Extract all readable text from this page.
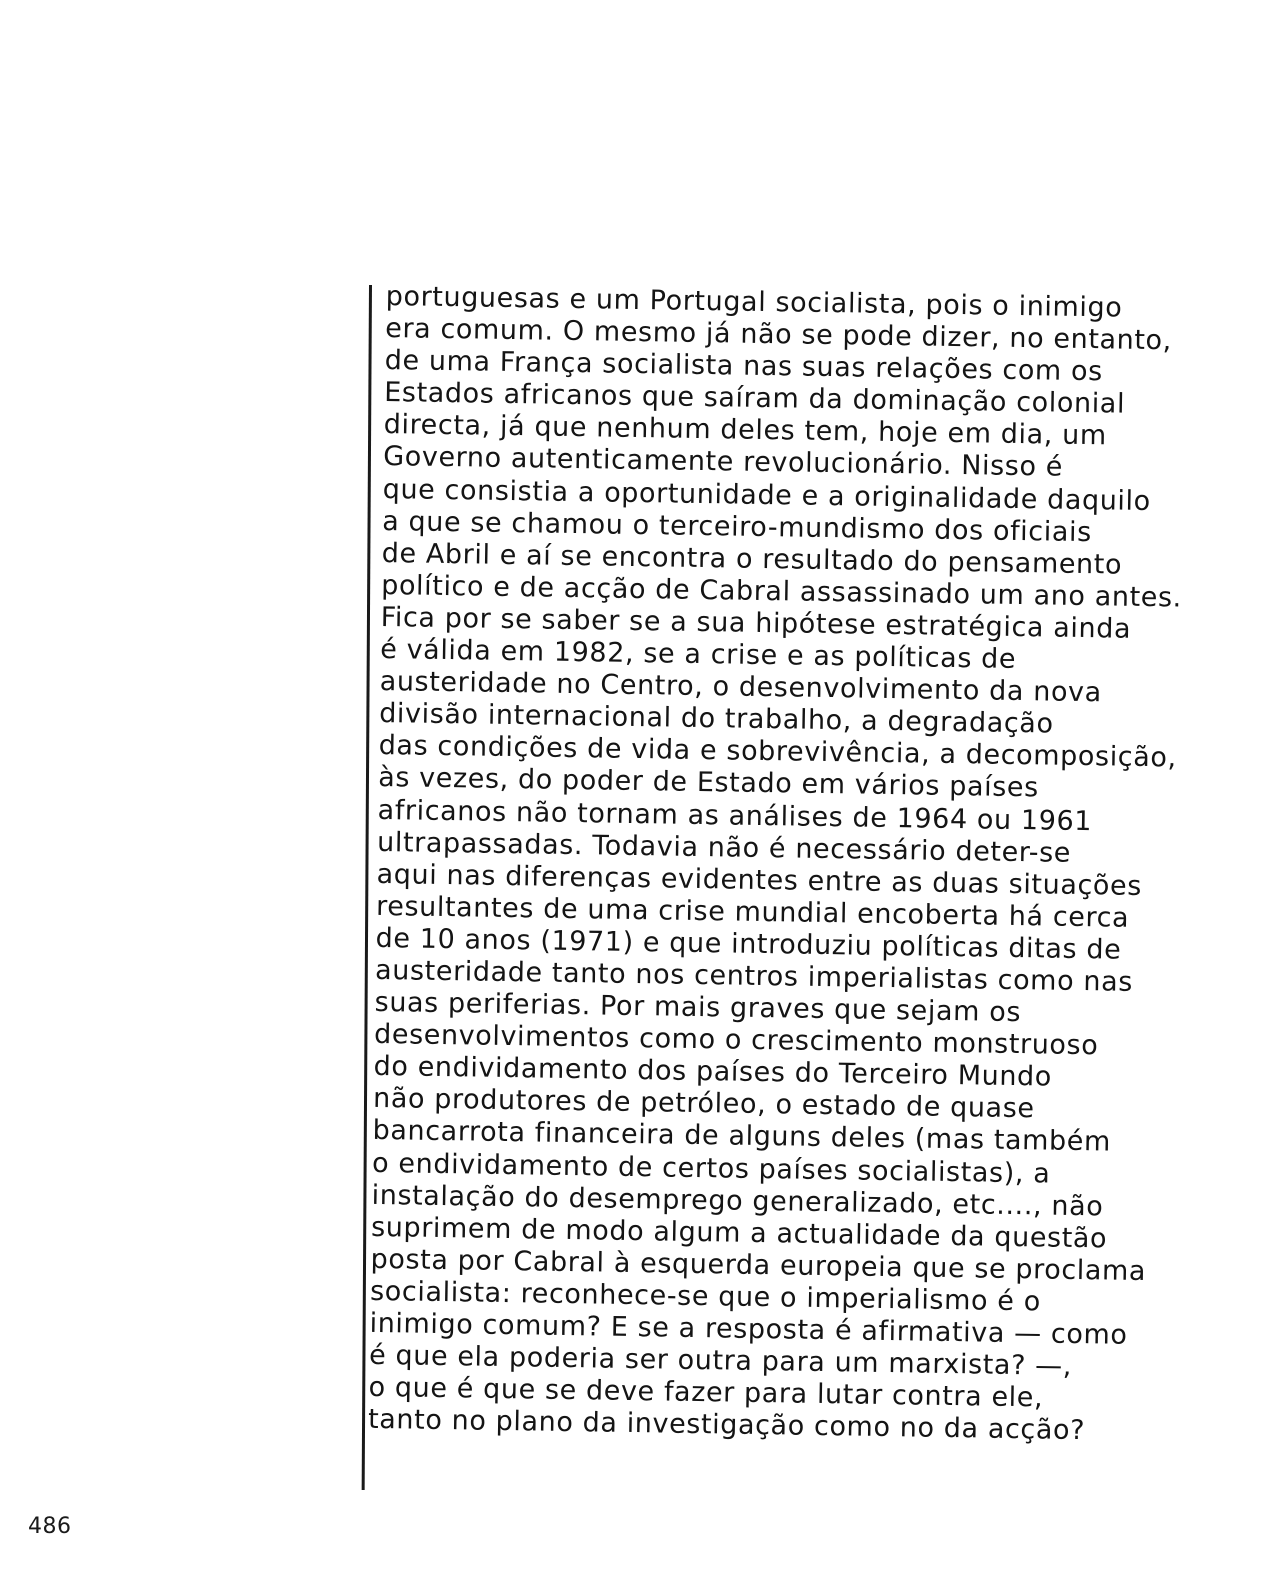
portuguesas e um Portugal socialista, pois o inimigo
era comum. O mesmo já não se pode dizer, no entanto,
de uma França socialista nas suas relações com os
Estados africanos que saíram da dominação colonial
directa, já que nenhum deles tem, hoje em dia, um
Governo autenticamente revolucionário. Nisso é
que consistia a oportunidade e a originalidade daquilo
a que se chamou o terceiro-mundismo dos oficiais
de Abril e aí se encontra o resultado do pensamento
político e de acção de Cabral assassinado um ano antes.
Fica por se saber se a sua hipótese estratégica ainda
é válida em 1982, se a crise e as políticas de
austeridade no Centro, o desenvolvimento da nova
divisão internacional do trabalho, a degradação
das condições de vida e sobrevivência, a decomposição,
às vezes, do poder de Estado em vários países
africanos não tornam as análises de 1964 ou 1961
ultrapassadas. Todavia não é necessário deter-se
aqui nas diferenças evidentes entre as duas situações
resultantes de uma crise mundial encoberta há cerca
de 10 anos (1971) e que introduziu políticas ditas de
austeridade tanto nos centros imperialistas como nas
suas periferias. Por mais graves que sejam os
desenvolvimentos como o crescimento monstruoso
do endividamento dos países do Terceiro Mundo
não produtores de petróleo, o estado de quase
bancarrota financeira de alguns deles (mas também
o endividamento de certos países socialistas), a
instalação do desemprego generalizado, etc...., não
suprimem de modo algum a actualidade da questão
posta por Cabral à esquerda europeia que se proclama
socialista: reconhece-se que o imperialismo é o
inimigo comum? E se a resposta é afirmativa — como
é que ela poderia ser outra para um marxista? —,
o que é que se deve fazer para lutar contra ele,
tanto no plano da investigação como no da acção?
486
